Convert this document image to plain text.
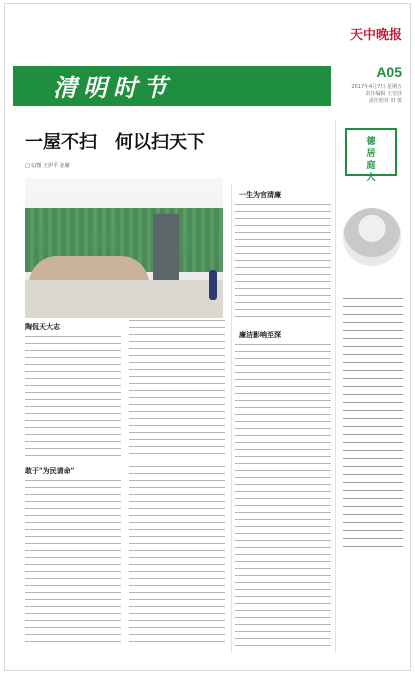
清明时节
天中晚报
A05
2017年4月7日 星期五
责任编辑 王莹莎
责任校对 田 蕾
一屋不扫　何以扫天下
□文/图 王伊平 北雁
陶侃天大志
敢于"为民请命"
一生为官清廉
廉洁影响至深
德
居
庭
人
